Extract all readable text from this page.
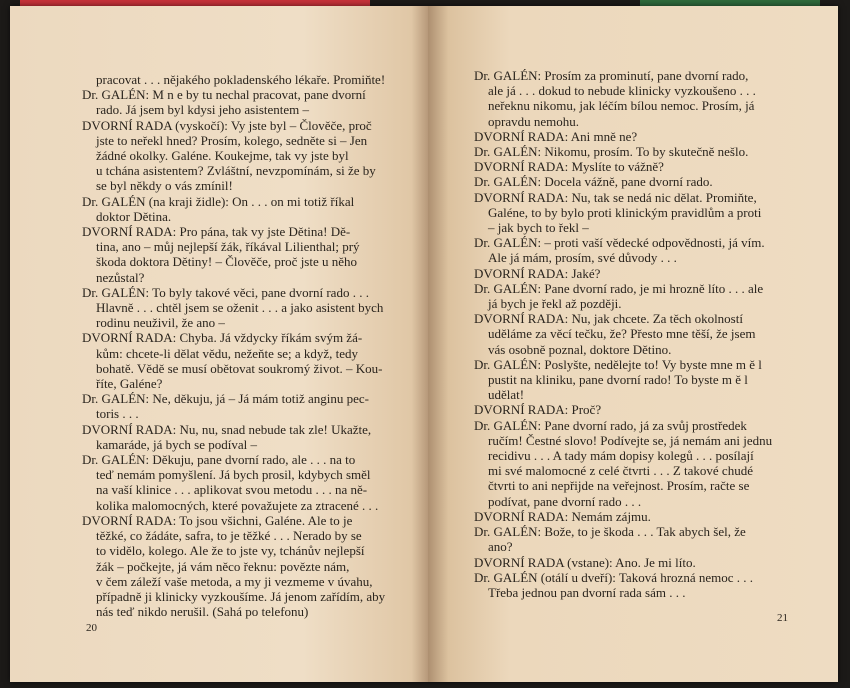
pracovat . . . nějakého pokladenského lékaře. Promiňte!
Dr. GALÉN: M n e by tu nechal pracovat, pane dvorní
rado. Já jsem byl kdysi jeho asistentem –
DVORNÍ RADA (vyskočí): Vy jste byl – Člověče, proč
jste to neřekl hned? Prosím, kolego, sedněte si – Jen
žádné okolky. Galéne. Koukejme, tak vy jste byl
u tchána asistentem? Zvláštní, nevzpomínám, si že by
se byl někdy o vás zmínil!
Dr. GALÉN (na kraji židle): On . . . on mi totiž říkal
doktor Dětina.
DVORNÍ RADA: Pro pána, tak vy jste Dětina! Dě-
tina, ano – můj nejlepší žák, říkával Lilienthal; prý
škoda doktora Dětiny! – Člověče, proč jste u něho
nezůstal?
Dr. GALÉN: To byly takové věci, pane dvorní rado . . .
Hlavně . . . chtěl jsem se oženit . . . a jako asistent bych
rodinu neuživil, že ano –
DVORNÍ RADA: Chyba. Já vždycky říkám svým žá-
kům: chcete-li dělat vědu, nežeňte se; a když, tedy
bohatě. Vědě se musí obětovat soukromý život. – Kou-
říte, Galéne?
Dr. GALÉN: Ne, děkuju, já – Já mám totiž anginu pec-
toris . . .
DVORNÍ RADA: Nu, nu, snad nebude tak zle! Ukažte,
kamaráde, já bych se podíval –
Dr. GALÉN: Děkuju, pane dvorní rado, ale . . . na to
teď nemám pomyšlení. Já bych prosil, kdybych směl
na vaší klinice . . . aplikovat svou metodu . . . na ně-
kolika malomocných, které považujete za ztracené . . .
DVORNÍ RADA: To jsou všichni, Galéne. Ale to je
těžké, co žádáte, safra, to je těžké . . . Nerado by se
to vidělo, kolego. Ale že to jste vy, tchánův nejlepší
žák – počkejte, já vám něco řeknu: povězte nám,
v čem záleží vaše metoda, a my ji vezmeme v úvahu,
případně ji klinicky vyzkoušíme. Já jenom zařídím, aby
nás teď nikdo nerušil. (Sahá po telefonu)
20
Dr. GALÉN: Prosím za prominutí, pane dvorní rado,
ale já . . . dokud to nebude klinicky vyzkoušeno . . .
neřeknu nikomu, jak léčím bílou nemoc. Prosím, já
opravdu nemohu.
DVORNÍ RADA: Ani mně ne?
Dr. GALÉN: Nikomu, prosím. To by skutečně nešlo.
DVORNÍ RADA: Myslíte to vážně?
Dr. GALÉN: Docela vážně, pane dvorní rado.
DVORNÍ RADA: Nu, tak se nedá nic dělat. Promiňte,
Galéne, to by bylo proti klinickým pravidlům a proti
– jak bych to řekl –
Dr. GALÉN: – proti vaší vědecké odpovědnosti, já vím.
Ale já mám, prosím, své důvody . . .
DVORNÍ RADA: Jaké?
Dr. GALÉN: Pane dvorní rado, je mi hrozně líto . . . ale
já bych je řekl až později.
DVORNÍ RADA: Nu, jak chcete. Za těch okolností
uděláme za věcí tečku, že? Přesto mne těší, že jsem
vás osobně poznal, doktore Dětino.
Dr. GALÉN: Poslyšte, nedělejte to! Vy byste mne m ě l
pustit na kliniku, pane dvorní rado! To byste m ě l
udělat!
DVORNÍ RADA: Proč?
Dr. GALÉN: Pane dvorní rado, já za svůj prostředek
ručím! Čestné slovo! Podívejte se, já nemám ani jednu
recidivu . . . A tady mám dopisy kolegů . . . posílají
mi své malomocné z celé čtvrti . . . Z takové chudé
čtvrti to ani nepřijde na veřejnost. Prosím, račte se
podívat, pane dvorní rado . . .
DVORNÍ RADA: Nemám zájmu.
Dr. GALÉN: Bože, to je škoda . . . Tak abych šel, že
ano?
DVORNÍ RADA (vstane): Ano. Je mi líto.
Dr. GALÉN (otálí u dveří): Taková hrozná nemoc . . .
Třeba jednou pan dvorní rada sám . . .
21
